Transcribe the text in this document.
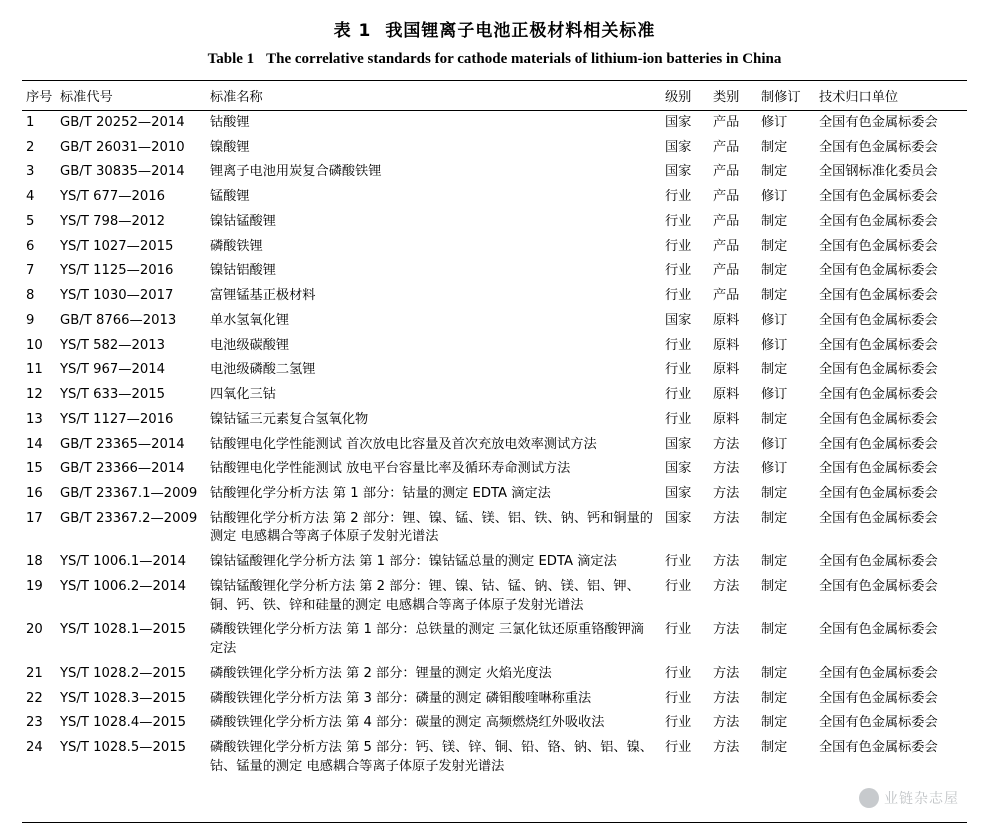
表 1 我国锂离子电池正极材料相关标准
Table 1 The correlative standards for cathode materials of lithium-ion batteries in China
序号	标准代号	标准名称	级别	类别	制修订	技术归口单位
1	GB/T 20252—2014	钴酸锂	国家	产品	修订	全国有色金属标委会
2	GB/T 26031—2010	镍酸锂	国家	产品	制定	全国有色金属标委会
3	GB/T 30835—2014	锂离子电池用炭复合磷酸铁锂	国家	产品	制定	全国钢标准化委员会
4	YS/T 677—2016	锰酸锂	行业	产品	修订	全国有色金属标委会
5	YS/T 798—2012	镍钴锰酸锂	行业	产品	制定	全国有色金属标委会
6	YS/T 1027—2015	磷酸铁锂	行业	产品	制定	全国有色金属标委会
7	YS/T 1125—2016	镍钴铝酸锂	行业	产品	制定	全国有色金属标委会
8	YS/T 1030—2017	富锂锰基正极材料	行业	产品	制定	全国有色金属标委会
9	GB/T 8766—2013	单水氢氧化锂	国家	原料	修订	全国有色金属标委会
10	YS/T 582—2013	电池级碳酸锂	行业	原料	修订	全国有色金属标委会
11	YS/T 967—2014	电池级磷酸二氢锂	行业	原料	制定	全国有色金属标委会
12	YS/T 633—2015	四氧化三钴	行业	原料	修订	全国有色金属标委会
13	YS/T 1127—2016	镍钴锰三元素复合氢氧化物	行业	原料	制定	全国有色金属标委会
14	GB/T 23365—2014	钴酸锂电化学性能测试 首次放电比容量及首次充放电效率测试方法	国家	方法	修订	全国有色金属标委会
15	GB/T 23366—2014	钴酸锂电化学性能测试 放电平台容量比率及循环寿命测试方法	国家	方法	修订	全国有色金属标委会
16	GB/T 23367.1—2009	钴酸锂化学分析方法 第 1 部分：钴量的测定 EDTA 滴定法	国家	方法	制定	全国有色金属标委会
17	GB/T 23367.2—2009	钴酸锂化学分析方法 第 2 部分：锂、镍、锰、镁、铝、铁、钠、钙和铜量的测定 电感耦合等离子体原子发射光谱法	国家	方法	制定	全国有色金属标委会
18	YS/T 1006.1—2014	镍钴锰酸锂化学分析方法 第 1 部分：镍钴锰总量的测定 EDTA 滴定法	行业	方法	制定	全国有色金属标委会
19	YS/T 1006.2—2014	镍钴锰酸锂化学分析方法 第 2 部分：锂、镍、钴、锰、钠、镁、铝、钾、铜、钙、铁、锌和硅量的测定 电感耦合等离子体原子发射光谱法	行业	方法	制定	全国有色金属标委会
20	YS/T 1028.1—2015	磷酸铁锂化学分析方法 第 1 部分：总铁量的测定 三氯化钛还原重铬酸钾滴定法	行业	方法	制定	全国有色金属标委会
21	YS/T 1028.2—2015	磷酸铁锂化学分析方法 第 2 部分：锂量的测定 火焰光度法	行业	方法	制定	全国有色金属标委会
22	YS/T 1028.3—2015	磷酸铁锂化学分析方法 第 3 部分：磷量的测定 磷钼酸喹啉称重法	行业	方法	制定	全国有色金属标委会
23	YS/T 1028.4—2015	磷酸铁锂化学分析方法 第 4 部分：碳量的测定 高频燃烧红外吸收法	行业	方法	制定	全国有色金属标委会
24	YS/T 1028.5—2015	磷酸铁锂化学分析方法 第 5 部分：钙、镁、锌、铜、铅、铬、钠、铝、镍、钴、锰量的测定 电感耦合等离子体原子发射光谱法	行业	方法	制定	全国有色金属标委会
业链杂志屋
